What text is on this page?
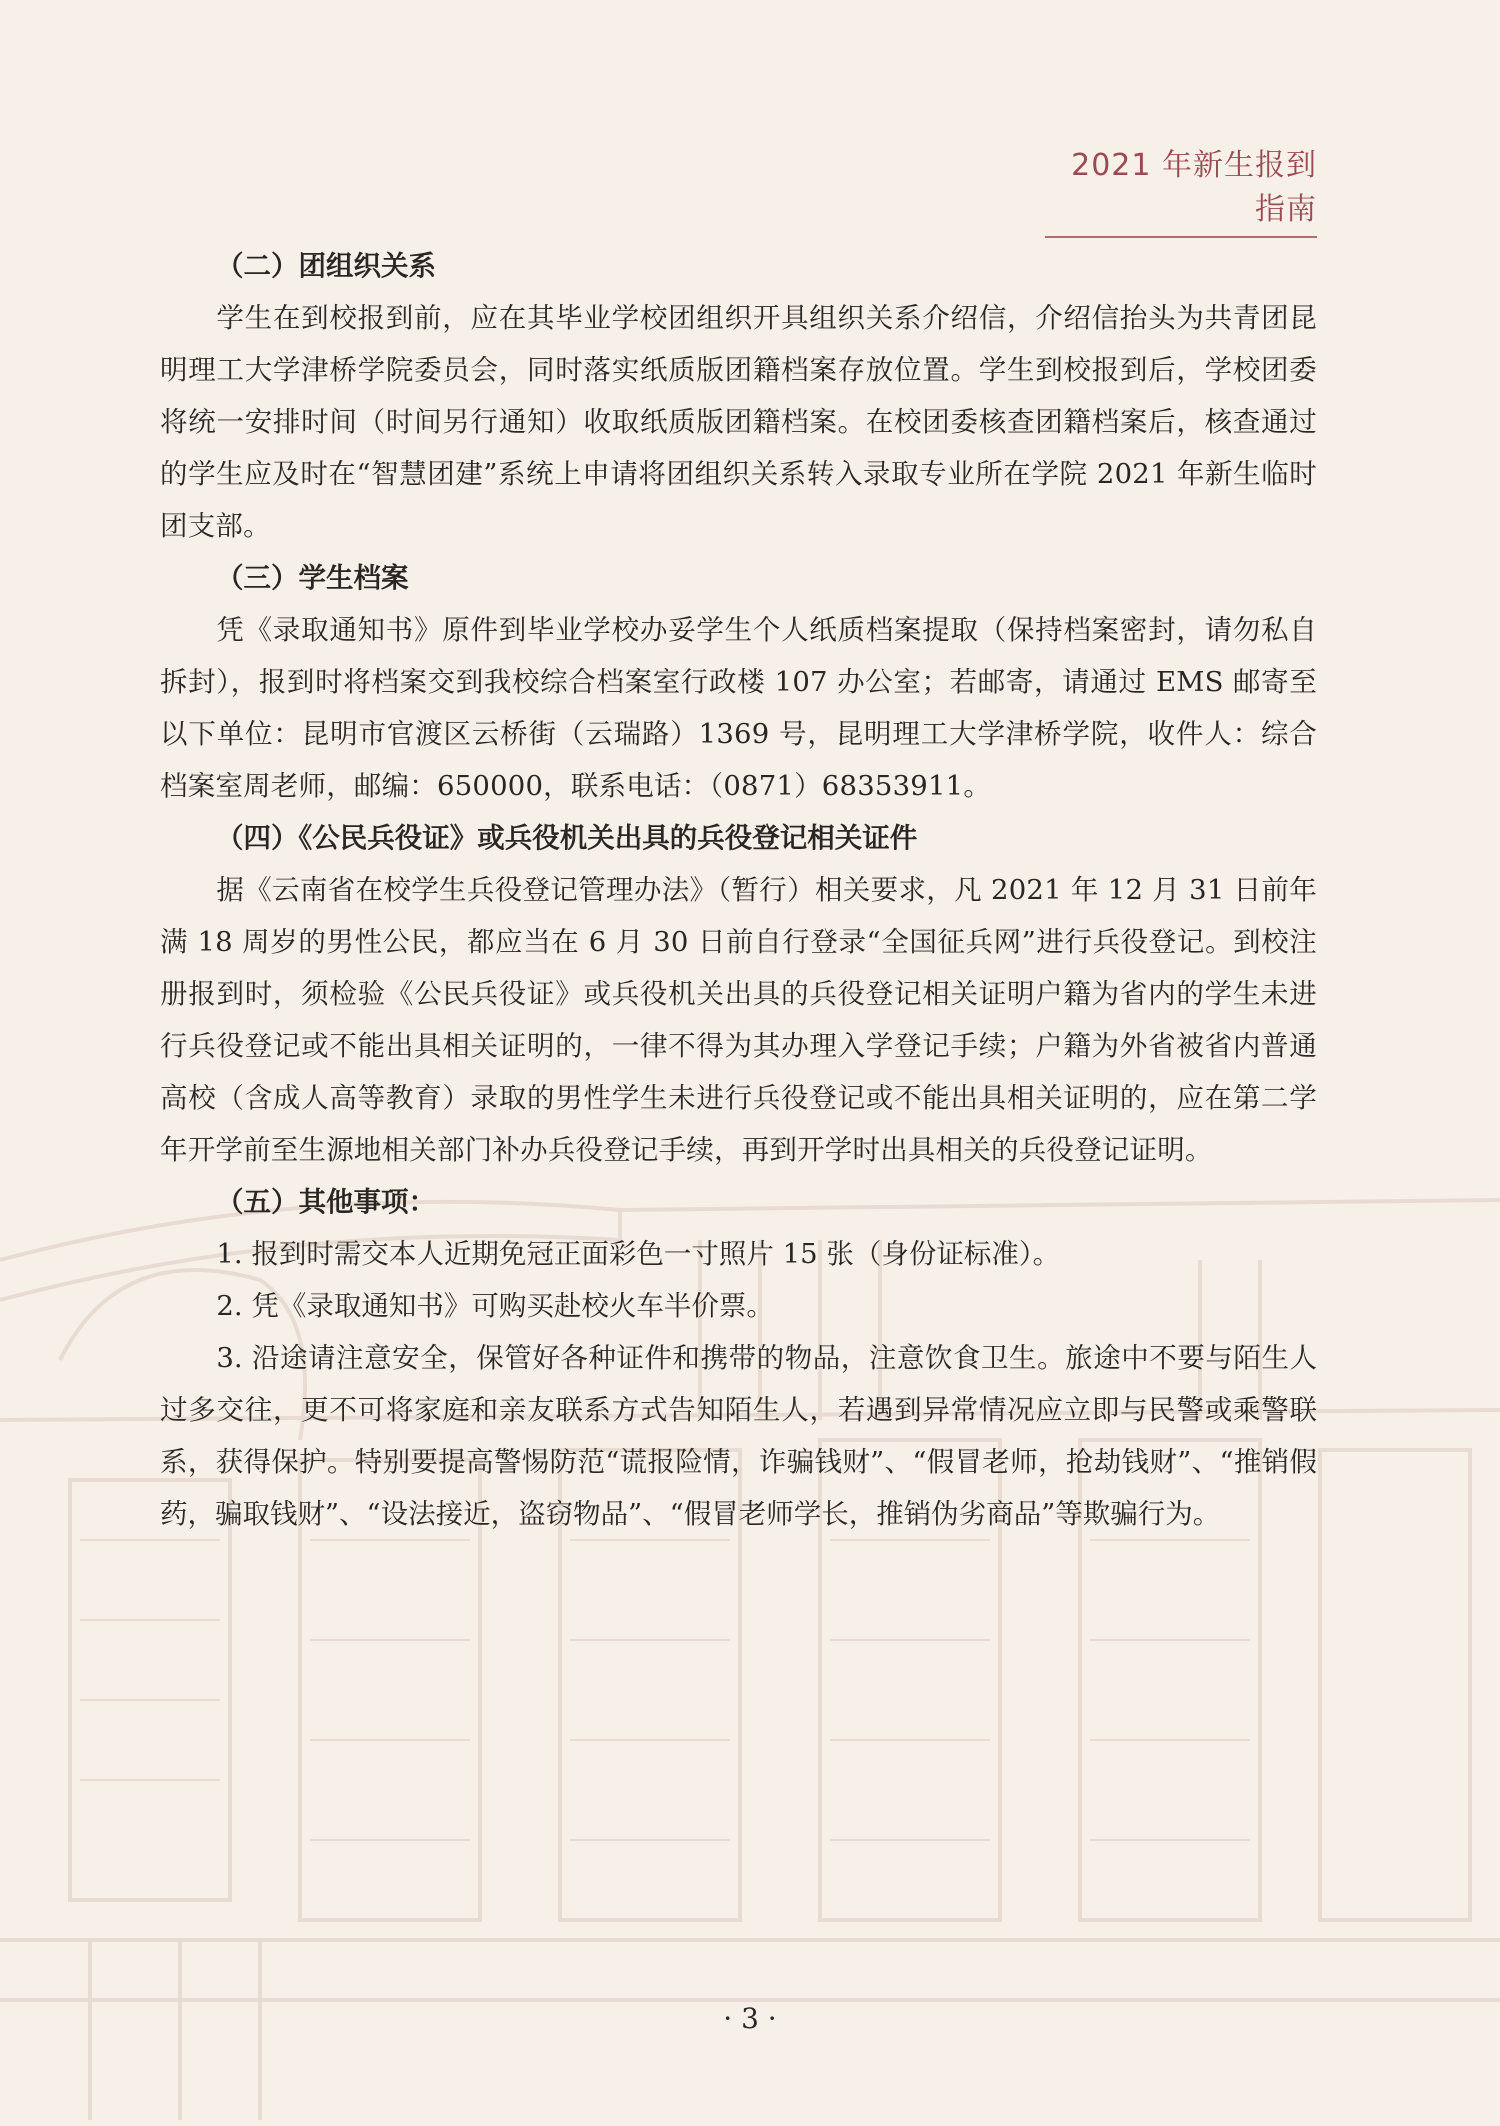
2021 年新生报到指南

（二）团组织关系

学生在到校报到前，应在其毕业学校团组织开具组织关系介绍信，介绍信抬头为共青团昆明理工大学津桥学院委员会，同时落实纸质版团籍档案存放位置。学生到校报到后，学校团委将统一安排时间（时间另行通知）收取纸质版团籍档案。在校团委核查团籍档案后，核查通过的学生应及时在“智慧团建”系统上申请将团组织关系转入录取专业所在学院 2021 年新生临时团支部。

（三）学生档案

凭《录取通知书》原件到毕业学校办妥学生个人纸质档案提取（保持档案密封，请勿私自拆封），报到时将档案交到我校综合档案室行政楼 107 办公室；若邮寄，请通过 EMS 邮寄至以下单位：昆明市官渡区云桥街（云瑞路）1369 号，昆明理工大学津桥学院，收件人：综合档案室周老师，邮编：650000，联系电话：（0871）68353911。

（四）《公民兵役证》或兵役机关出具的兵役登记相关证件

据《云南省在校学生兵役登记管理办法》（暂行）相关要求，凡 2021 年 12 月 31 日前年满 18 周岁的男性公民，都应当在 6 月 30 日前自行登录“全国征兵网”进行兵役登记。到校注册报到时，须检验《公民兵役证》或兵役机关出具的兵役登记相关证明户籍为省内的学生未进行兵役登记或不能出具相关证明的，一律不得为其办理入学登记手续；户籍为外省被省内普通高校（含成人高等教育）录取的男性学生未进行兵役登记或不能出具相关证明的，应在第二学年开学前至生源地相关部门补办兵役登记手续，再到开学时出具相关的兵役登记证明。

（五）其他事项：

1. 报到时需交本人近期免冠正面彩色一寸照片 15 张（身份证标准）。

2. 凭《录取通知书》可购买赴校火车半价票。

3. 沿途请注意安全，保管好各种证件和携带的物品，注意饮食卫生。旅途中不要与陌生人过多交往，更不可将家庭和亲友联系方式告知陌生人，若遇到异常情况应立即与民警或乘警联系，获得保护。特别要提高警惕防范“谎报险情，诈骗钱财”、“假冒老师，抢劫钱财”、“推销假药，骗取钱财”、“设法接近，盗窃物品”、“假冒老师学长，推销伪劣商品”等欺骗行为。

· 3 ·
